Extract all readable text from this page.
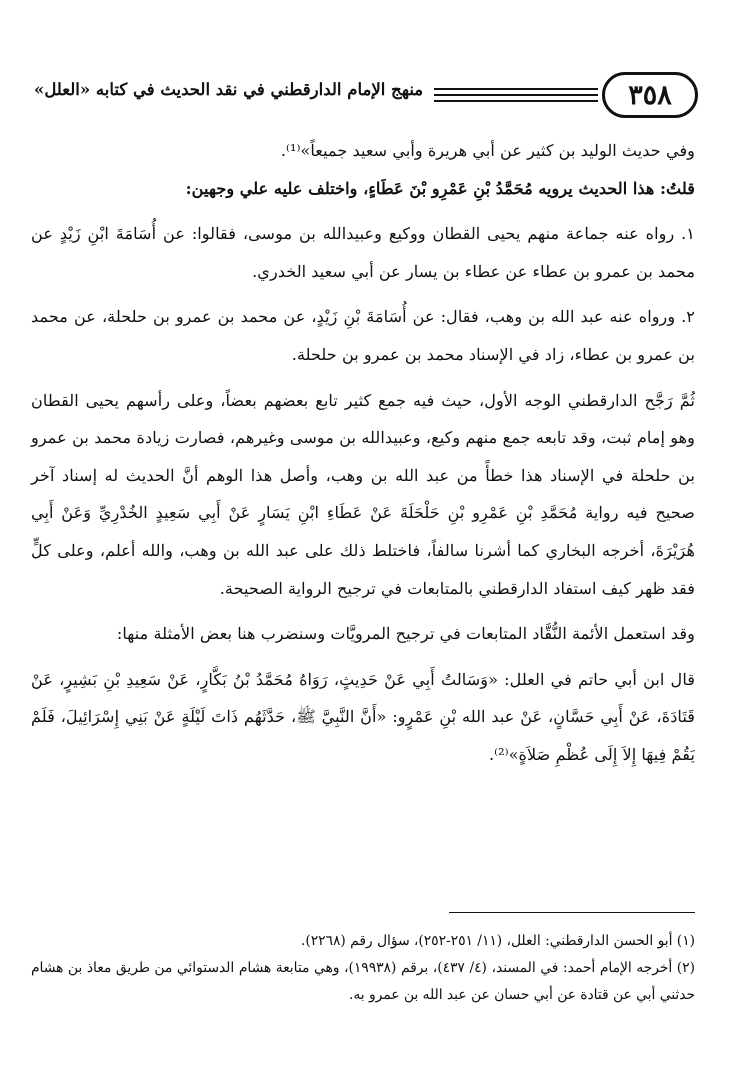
٣٥٨
منهج الإمام الدارقطني في نقد الحديث في كتابه «العلل»

وفي حديث الوليد بن كثير عن أبي هريرة وأبي سعيد جميعاً»⁽¹⁾.

قلتُ: هذا الحديث يرويه مُحَمَّدُ بْنِ عَمْرِو بْنَ عَطَاءٍ، واختلف عليه علي وجهين:

١. رواه عنه جماعة منهم يحيى القطان ووكيع وعبيدالله بن موسى، فقالوا: عن أُسَامَةَ ابْنِ زَيْدٍ عن محمد بن عمرو بن عطاء عن عطاء بن يسار عن أبي سعيد الخدري.

٢. ورواه عنه عبد الله بن وهب، فقال: عن أُسَامَةَ بْنِ زَيْدٍ، عن محمد بن عمرو بن حلحلة، عن محمد بن عمرو بن عطاء، زاد في الإسناد محمد بن عمرو بن حلحلة.

ثُمَّ رَجَّح الدارقطني الوجه الأول، حيث فيه جمع كثير تابع بعضهم بعضاً، وعلى رأسهم يحيى القطان وهو إمام ثبت، وقد تابعه جمع منهم وكيع، وعبيدالله بن موسى وغيرهم، فصارت زيادة محمد بن عمرو بن حلحلة في الإسناد هذا خطأً من عبد الله بن وهب، وأصل هذا الوهم أنَّ الحديث له إسناد آخر صحيح فيه رواية مُحَمَّدِ بْنِ عَمْرِو بْنِ حَلْحَلَةَ عَنْ عَطَاءِ ابْنِ يَسَارٍ عَنْ أَبِي سَعِيدٍ الخُدْرِيِّ وَعَنْ أَبِي هُرَيْرَةَ، أخرجه البخاري كما أشرنا سالفاً، فاختلط ذلك على عبد الله بن وهب، والله أعلم، وعلى كلٍّ فقد ظهر كيف استفاد الدارقطني بالمتابعات في ترجيح الرواية الصحيحة.

وقد استعمل الأئمة النُّقَّاد المتابعات في ترجيح المرويَّات وسنضرب هنا بعض الأمثلة منها:

قال ابن أبي حاتم في العلل: «وَسَالتُ أَبِي عَنْ حَدِيثٍ، رَوَاهُ مُحَمَّدُ بْنُ بَكَّارٍ، عَنْ سَعِيدِ بْنِ بَشِيرٍ، عَنْ قَتَادَةَ، عَنْ أَبِي حَسَّانٍ، عَنْ عبد الله بْنِ عَمْرٍو: «أَنَّ النَّبِيَّ ﷺ، حَدَّثَهُم ذَاتَ لَيْلَةٍ عَنْ بَنِي إِسْرَائِيلَ، فَلَمْ يَقُمْ فِيهَا إِلاَ إِلَى عُظْمِ صَلاَةٍ»⁽²⁾.

(١) أبو الحسن الدارقطني: العلل، (١١/ ٢٥١-٢٥٢)، سؤال رقم (٢٢٦٨).

(٢) أخرجه الإمام أحمد: في المسند، (٤/ ٤٣٧)، برقم (١٩٩٣٨)، وهي متابعة هشام الدستوائي من طريق معاذ بن هشام حدثني أبي عن قتادة عن أبي حسان عن عبد الله بن عمرو به.
